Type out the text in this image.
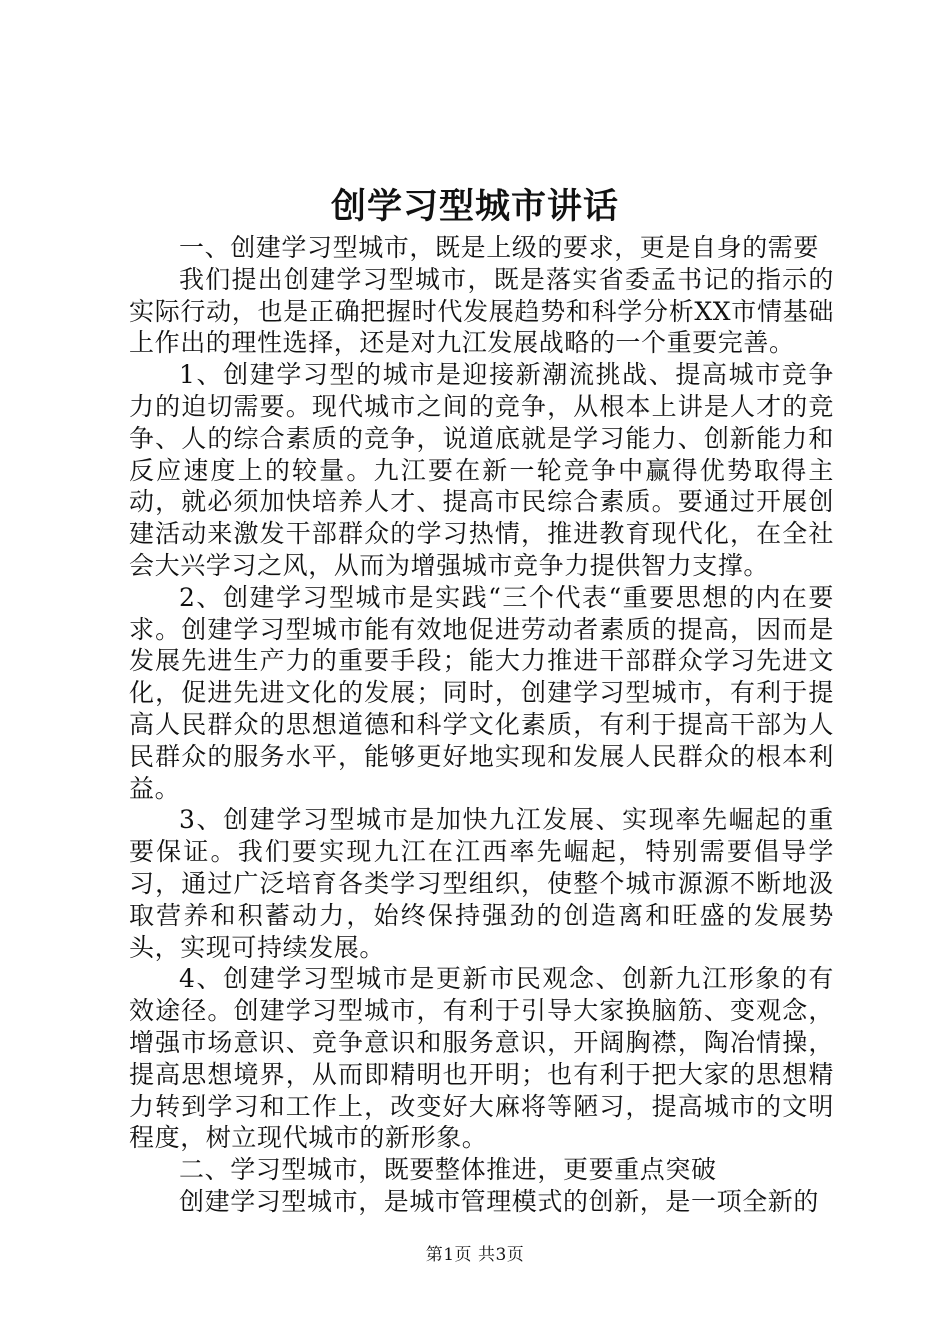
创学习型城市讲话

一、创建学习型城市，既是上级的要求，更是自身的需要

我们提出创建学习型城市，既是落实省委孟书记的指示的实际行动，也是正确把握时代发展趋势和科学分析XX市情基础上作出的理性选择，还是对九江发展战略的一个重要完善。

1、创建学习型的城市是迎接新潮流挑战、提高城市竞争力的迫切需要。现代城市之间的竞争，从根本上讲是人才的竞争、人的综合素质的竞争，说道底就是学习能力、创新能力和反应速度上的较量。九江要在新一轮竞争中赢得优势取得主动，就必须加快培养人才、提高市民综合素质。要通过开展创建活动来激发干部群众的学习热情，推进教育现代化，在全社会大兴学习之风，从而为增强城市竞争力提供智力支撑。

2、创建学习型城市是实践“三个代表“重要思想的内在要求。创建学习型城市能有效地促进劳动者素质的提高，因而是发展先进生产力的重要手段；能大力推进干部群众学习先进文化，促进先进文化的发展；同时，创建学习型城市，有利于提高人民群众的思想道德和科学文化素质，有利于提高干部为人民群众的服务水平，能够更好地实现和发展人民群众的根本利益。

3、创建学习型城市是加快九江发展、实现率先崛起的重要保证。我们要实现九江在江西率先崛起，特别需要倡导学习，通过广泛培育各类学习型组织，使整个城市源源不断地汲取营养和积蓄动力，始终保持强劲的创造离和旺盛的发展势头，实现可持续发展。

4、创建学习型城市是更新市民观念、创新九江形象的有效途径。创建学习型城市，有利于引导大家换脑筋、变观念，增强市场意识、竞争意识和服务意识，开阔胸襟，陶冶情操，提高思想境界，从而即精明也开明；也有利于把大家的思想精力转到学习和工作上，改变好大麻将等陋习，提高城市的文明程度，树立现代城市的新形象。

二、学习型城市，既要整体推进，更要重点突破

创建学习型城市，是城市管理模式的创新，是一项全新的

第1页 共3页
